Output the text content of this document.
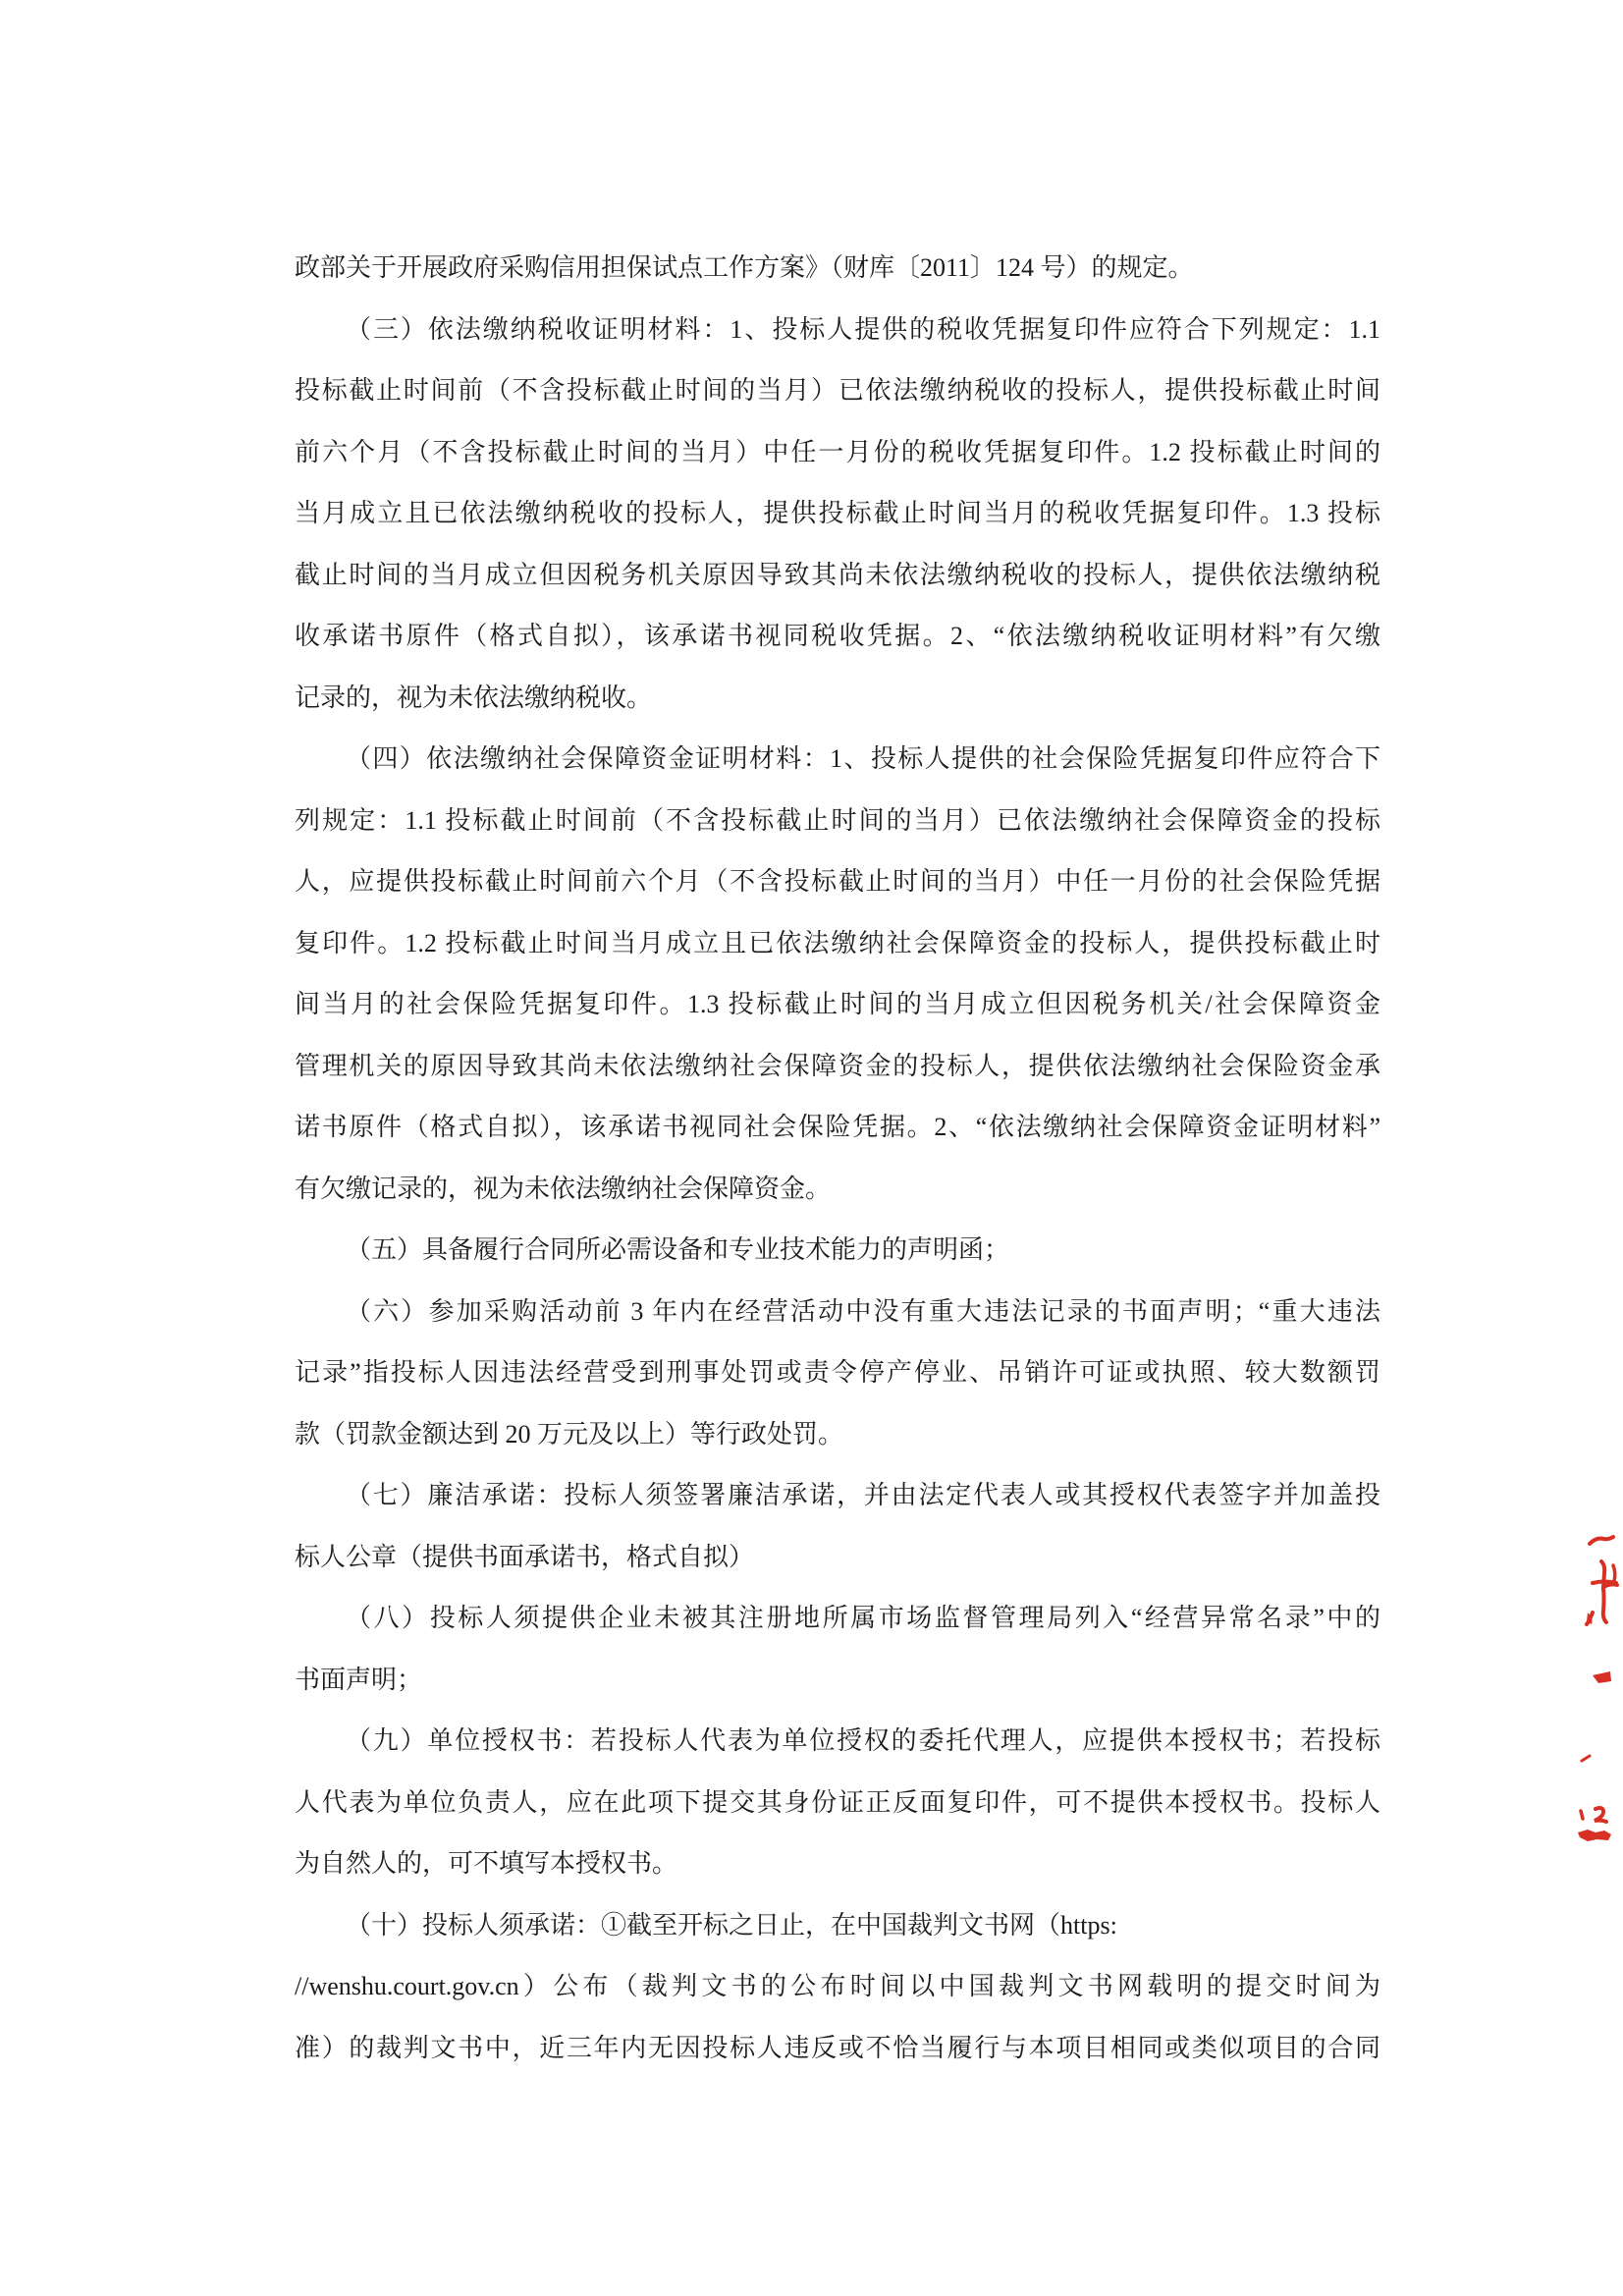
政部关于开展政府采购信用担保试点工作方案》（财库〔2011〕124 号）的规定。
（三）依法缴纳税收证明材料：1、投标人提供的税收凭据复印件应符合下列规定：1.1
投标截止时间前（不含投标截止时间的当月）已依法缴纳税收的投标人，提供投标截止时间
前六个月（不含投标截止时间的当月）中任一月份的税收凭据复印件。1.2 投标截止时间的
当月成立且已依法缴纳税收的投标人，提供投标截止时间当月的税收凭据复印件。1.3 投标
截止时间的当月成立但因税务机关原因导致其尚未依法缴纳税收的投标人，提供依法缴纳税
收承诺书原件（格式自拟），该承诺书视同税收凭据。2、“依法缴纳税收证明材料”有欠缴
记录的，视为未依法缴纳税收。
（四）依法缴纳社会保障资金证明材料：1、投标人提供的社会保险凭据复印件应符合下
列规定：1.1 投标截止时间前（不含投标截止时间的当月）已依法缴纳社会保障资金的投标
人，应提供投标截止时间前六个月（不含投标截止时间的当月）中任一月份的社会保险凭据
复印件。1.2 投标截止时间当月成立且已依法缴纳社会保障资金的投标人，提供投标截止时
间当月的社会保险凭据复印件。1.3 投标截止时间的当月成立但因税务机关/社会保障资金
管理机关的原因导致其尚未依法缴纳社会保障资金的投标人，提供依法缴纳社会保险资金承
诺书原件（格式自拟），该承诺书视同社会保险凭据。2、“依法缴纳社会保障资金证明材料”
有欠缴记录的，视为未依法缴纳社会保障资金。
（五）具备履行合同所必需设备和专业技术能力的声明函；
（六）参加采购活动前 3 年内在经营活动中没有重大违法记录的书面声明；“重大违法
记录”指投标人因违法经营受到刑事处罚或责令停产停业、吊销许可证或执照、较大数额罚
款（罚款金额达到 20 万元及以上）等行政处罚。
（七）廉洁承诺：投标人须签署廉洁承诺，并由法定代表人或其授权代表签字并加盖投
标人公章（提供书面承诺书，格式自拟）
（八）投标人须提供企业未被其注册地所属市场监督管理局列入“经营异常名录”中的
书面声明；
（九）单位授权书：若投标人代表为单位授权的委托代理人，应提供本授权书；若投标
人代表为单位负责人，应在此项下提交其身份证正反面复印件，可不提供本授权书。投标人
为自然人的，可不填写本授权书。
（十）投标人须承诺：①截至开标之日止，在中国裁判文书网（https:
//wenshu.court.gov.cn）公布（裁判文书的公布时间以中国裁判文书网载明的提交时间为
准）的裁判文书中，近三年内无因投标人违反或不恰当履行与本项目相同或类似项目的合同
